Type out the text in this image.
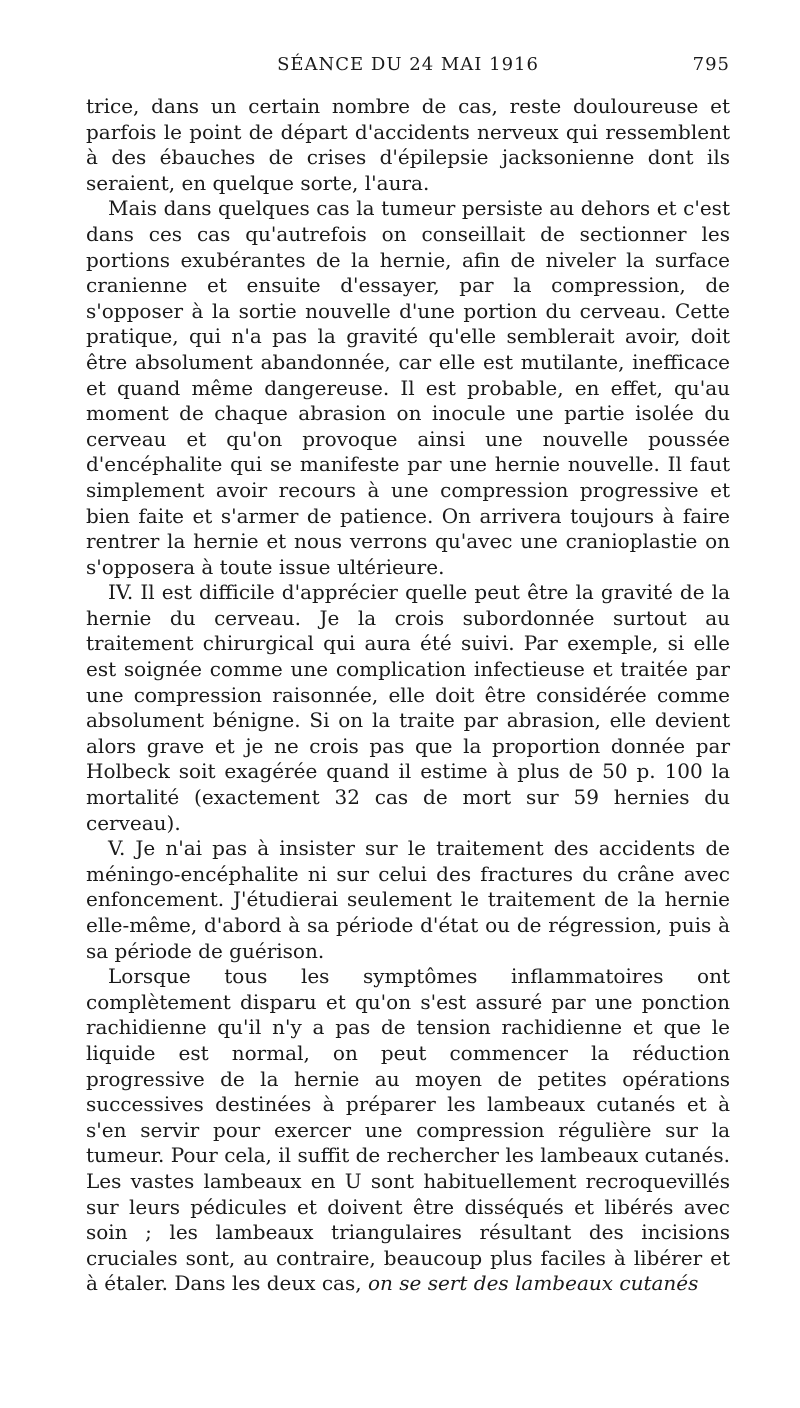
SÉANCE DU 24 MAI 1916	795

trice, dans un certain nombre de cas, reste douloureuse et parfois le point de départ d'accidents nerveux qui ressemblent à des ébauches de crises d'épilepsie jacksonienne dont ils seraient, en quelque sorte, l'aura.

Mais dans quelques cas la tumeur persiste au dehors et c'est dans ces cas qu'autrefois on conseillait de sectionner les portions exubérantes de la hernie, afin de niveler la surface cranienne et ensuite d'essayer, par la compression, de s'opposer à la sortie nouvelle d'une portion du cerveau. Cette pratique, qui n'a pas la gravité qu'elle semblerait avoir, doit être absolument abandonnée, car elle est mutilante, inefficace et quand même dangereuse. Il est probable, en effet, qu'au moment de chaque abrasion on inocule une partie isolée du cerveau et qu'on provoque ainsi une nouvelle poussée d'encéphalite qui se manifeste par une hernie nouvelle. Il faut simplement avoir recours à une compression progressive et bien faite et s'armer de patience. On arrivera toujours à faire rentrer la hernie et nous verrons qu'avec une cranioplastie on s'opposera à toute issue ultérieure.

IV. Il est difficile d'apprécier quelle peut être la gravité de la hernie du cerveau. Je la crois subordonnée surtout au traitement chirurgical qui aura été suivi. Par exemple, si elle est soignée comme une complication infectieuse et traitée par une compression raisonnée, elle doit être considérée comme absolument bénigne. Si on la traite par abrasion, elle devient alors grave et je ne crois pas que la proportion donnée par Holbeck soit exagérée quand il estime à plus de 50 p. 100 la mortalité (exactement 32 cas de mort sur 59 hernies du cerveau).

V. Je n'ai pas à insister sur le traitement des accidents de méningo-encéphalite ni sur celui des fractures du crâne avec enfoncement. J'étudierai seulement le traitement de la hernie elle-même, d'abord à sa période d'état ou de régression, puis à sa période de guérison.

Lorsque tous les symptômes inflammatoires ont complètement disparu et qu'on s'est assuré par une ponction rachidienne qu'il n'y a pas de tension rachidienne et que le liquide est normal, on peut commencer la réduction progressive de la hernie au moyen de petites opérations successives destinées à préparer les lambeaux cutanés et à s'en servir pour exercer une compression régulière sur la tumeur. Pour cela, il suffit de rechercher les lambeaux cutanés. Les vastes lambeaux en U sont habituellement recroquevillés sur leurs pédicules et doivent être disséqués et libérés avec soin ; les lambeaux triangulaires résultant des incisions cruciales sont, au contraire, beaucoup plus faciles à libérer et à étaler. Dans les deux cas, on se sert des lambeaux cutanés
